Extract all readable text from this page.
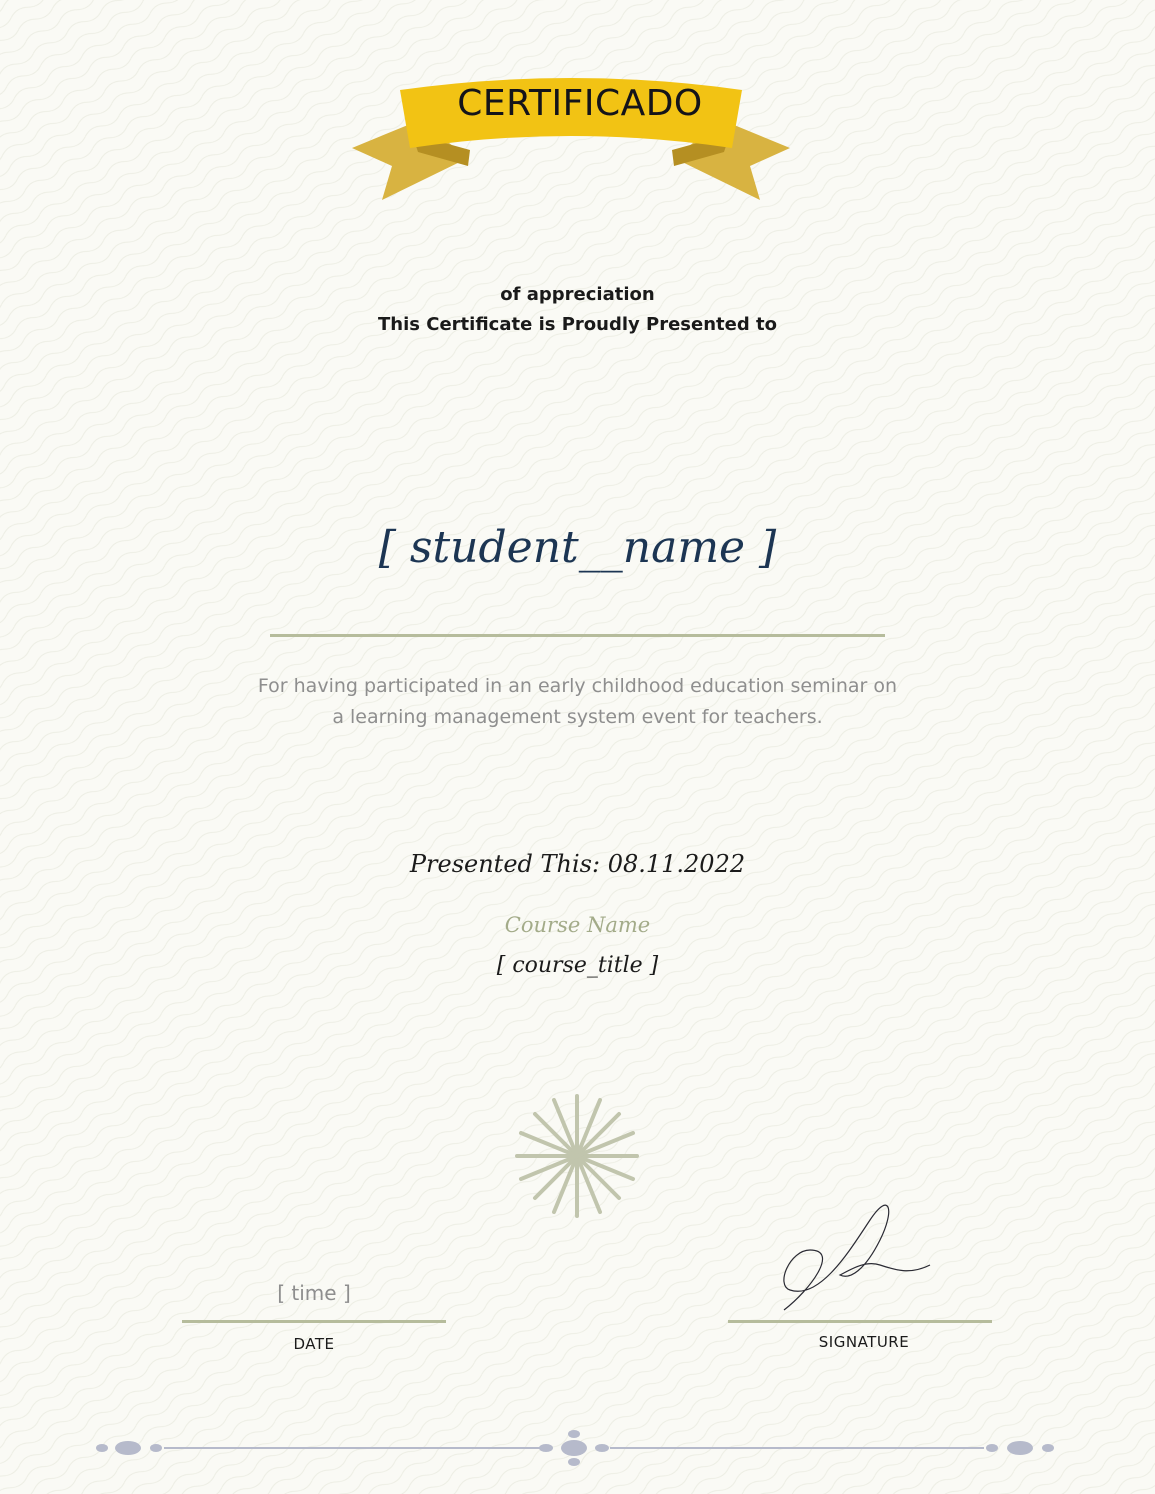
CERTIFICADO
of appreciation
This Certificate is Proudly Presented to
[ student__name ]
For having participated in an early childhood education seminar on
a learning management system event for teachers.
Presented This: 08.11.2022
Course Name
[ course_title ]
[ time ]
DATE	SIGNATURE
